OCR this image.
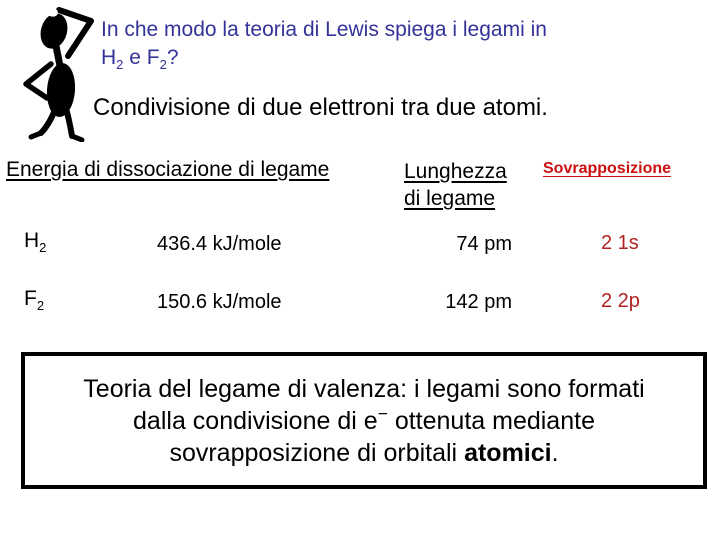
In che modo la teoria di Lewis spiega i legami in
$H_2$ e $F_2$?
Condivisione di due elettroni tra due atomi.
Energia di dissociazione di legame	Lunghezza
di legame
Sovrapposizione
$H_2$	436.4 kJ/mole	74 pm	2 1s
$F_2$	150.6 kJ/mole	142 pm	2 2p
Teoria del legame di valenza: i legami sono formati
dalla condivisione di e− ottenuta mediante
sovrapposizione di orbitali atomici.
